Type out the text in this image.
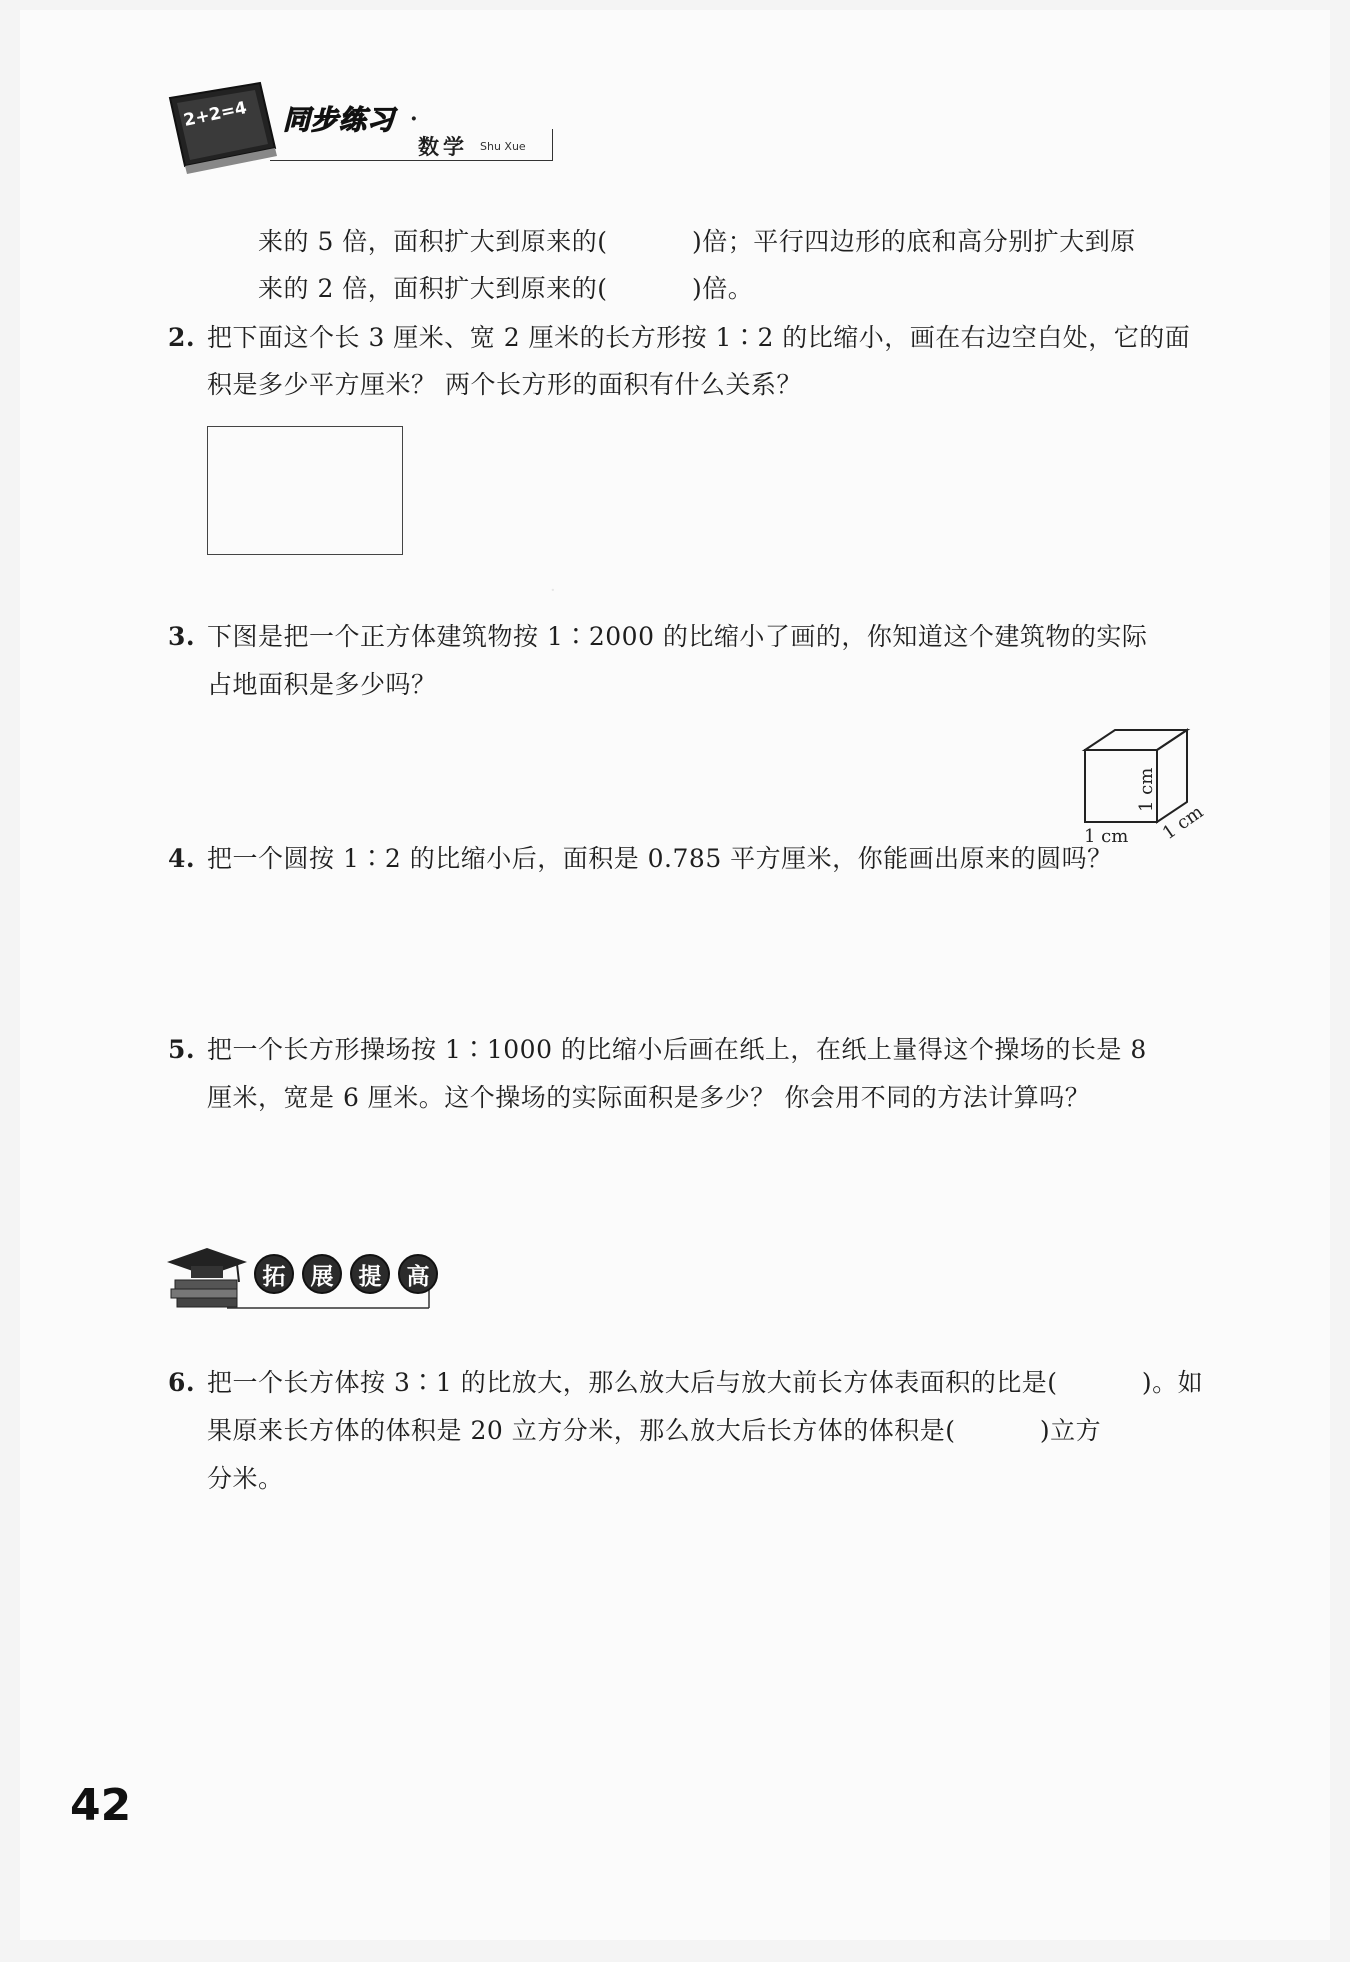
2+2=4 同步练习 ·
数学 Shu Xue
来的 5 倍，面积扩大到原来的(          )倍；平行四边形的底和高分别扩大到原
来的 2 倍，面积扩大到原来的(          )倍。
2. 把下面这个长 3 厘米、宽 2 厘米的长方形按 1∶2 的比缩小，画在右边空白处，它的面
积是多少平方厘米？ 两个长方形的面积有什么关系？
·
3. 下图是把一个正方体建筑物按 1∶2000 的比缩小了画的，你知道这个建筑物的实际
占地面积是多少吗？
1 cm
1 cm
1 cm
4. 把一个圆按 1∶2 的比缩小后，面积是 0.785 平方厘米，你能画出原来的圆吗？
5. 把一个长方形操场按 1∶1000 的比缩小后画在纸上，在纸上量得这个操场的长是 8
厘米，宽是 6 厘米。这个操场的实际面积是多少？ 你会用不同的方法计算吗？
拓	展	提	高
6. 把一个长方体按 3∶1 的比放大，那么放大后与放大前长方体表面积的比是(          )。如
果原来长方体的体积是 20 立方分米，那么放大后长方体的体积是(          )立方
分米。
42
